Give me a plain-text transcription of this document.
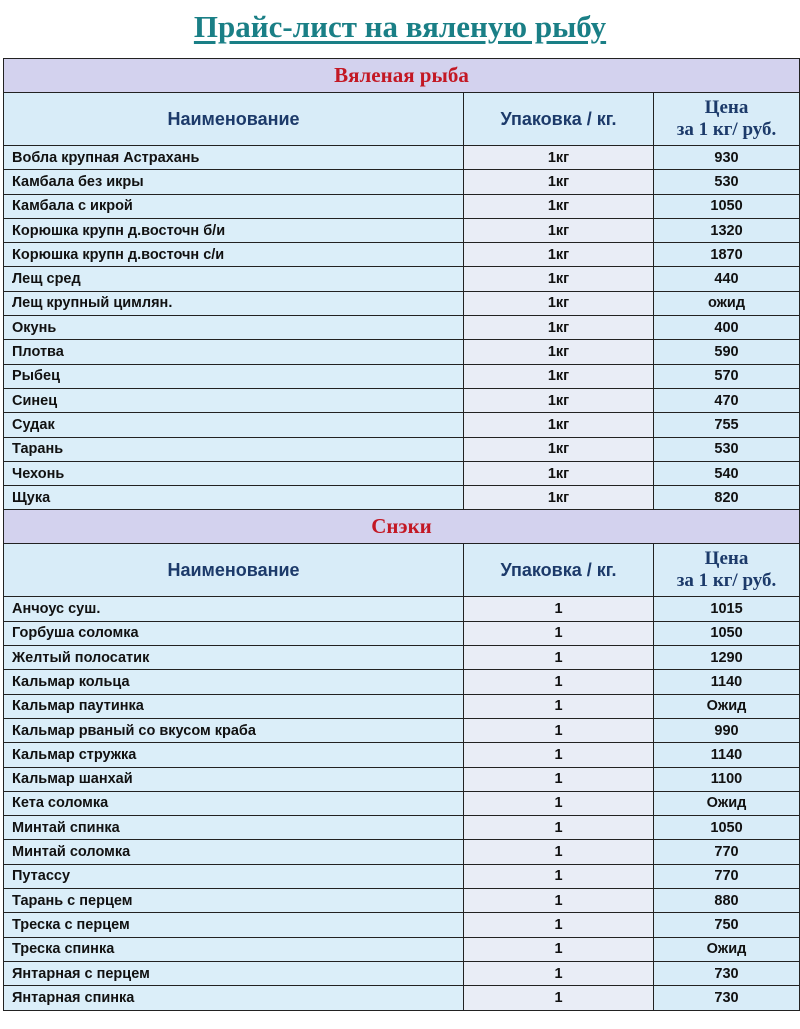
Прайс-лист на вяленую рыбу
Вяленая рыба		
Наименование	Упаковка / кг.	Цена
за 1 кг/ руб.

Вобла крупная Астрахань	1кг	930
Камбала без икры	1кг	530
Камбала с икрой	1кг	1050
Корюшка крупн д.восточн б/и	1кг	1320
Корюшка крупн д.восточн с/и	1кг	1870
Лещ сред	1кг	440
Лещ крупный цимлян.	1кг	ожид
Окунь	1кг	400
Плотва	1кг	590
Рыбец	1кг	570
Синец	1кг	470
Судак	1кг	755
Тарань	1кг	530
Чехонь	1кг	540
Щука	1кг	820
Снэки		
Наименование	Упаковка / кг.	Цена
за 1 кг/ руб.

Анчоус суш.	1	1015
Горбуша соломка	1	1050
Желтый полосатик	1	1290
Кальмар кольца	1	1140
Кальмар паутинка	1	Ожид
Кальмар рваный со вкусом краба	1	990
Кальмар стружка	1	1140
Кальмар шанхай	1	1100
Кета соломка	1	Ожид
Минтай спинка	1	1050
Минтай соломка	1	770
Путассу	1	770
Тарань с перцем	1	880
Треска с перцем	1	750
Треска спинка	1	Ожид
Янтарная с перцем	1	730
Янтарная спинка	1	730
